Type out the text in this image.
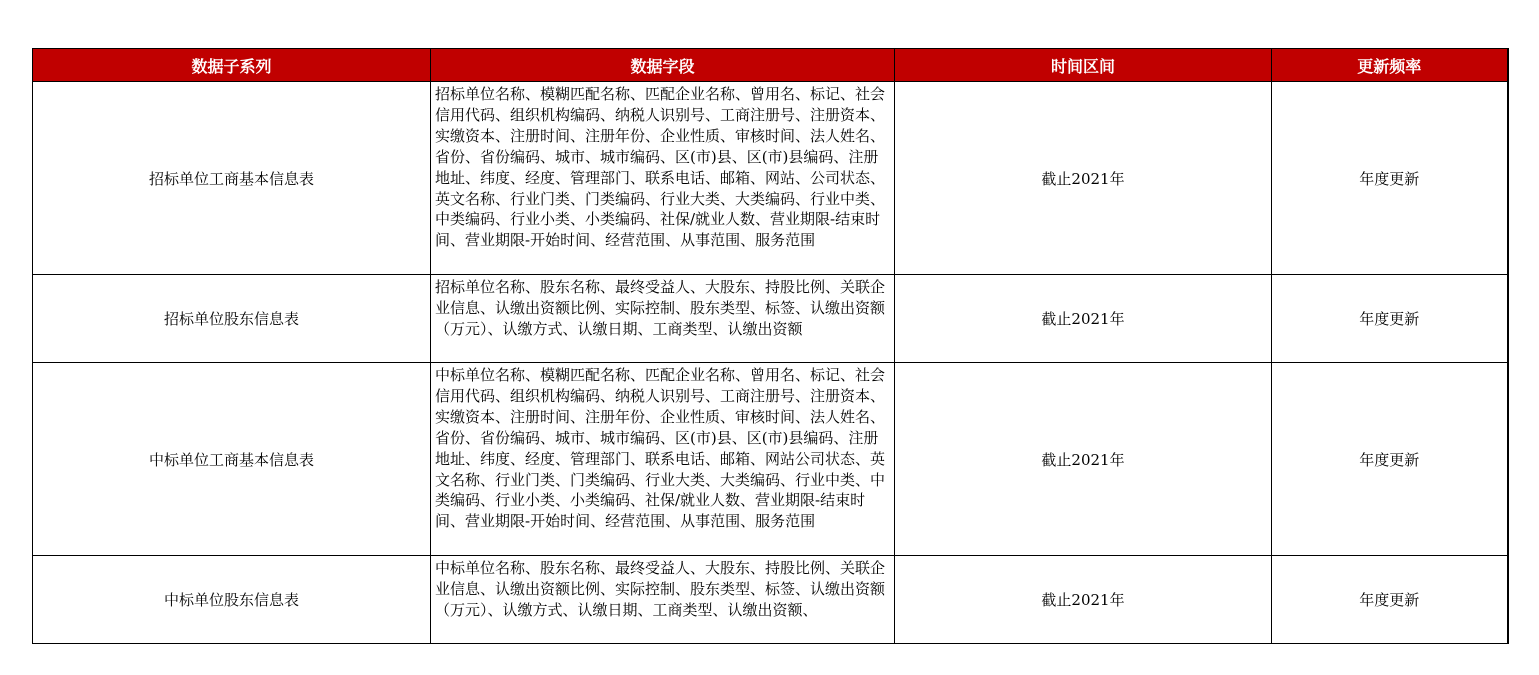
数据子系列	数据字段	时间区间	更新频率
招标单位工商基本信息表	招标单位名称、模糊匹配名称、匹配企业名称、曾用名、标记、社会信用代码、组织机构编码、纳税人识别号、工商注册号、注册资本、实缴资本、注册时间、注册年份、企业性质、审核时间、法人姓名、省份、省份编码、城市、城市编码、区(市)县、区(市)县编码、注册地址、纬度、经度、管理部门、联系电话、邮箱、网站、公司状态、英文名称、行业门类、门类编码、行业大类、大类编码、行业中类、中类编码、行业小类、小类编码、社保/就业人数、营业期限-结束时间、营业期限-开始时间、经营范围、从事范围、服务范围	截止2021年	年度更新
招标单位股东信息表	招标单位名称、股东名称、最终受益人、大股东、持股比例、关联企业信息、认缴出资额比例、实际控制、股东类型、标签、认缴出资额（万元）、认缴方式、认缴日期、工商类型、认缴出资额	截止2021年	年度更新
中标单位工商基本信息表	中标单位名称、模糊匹配名称、匹配企业名称、曾用名、标记、社会信用代码、组织机构编码、纳税人识别号、工商注册号、注册资本、实缴资本、注册时间、注册年份、企业性质、审核时间、法人姓名、省份、省份编码、城市、城市编码、区(市)县、区(市)县编码、注册地址、纬度、经度、管理部门、联系电话、邮箱、网站公司状态、英文名称、行业门类、门类编码、行业大类、大类编码、行业中类、中类编码、行业小类、小类编码、社保/就业人数、营业期限-结束时间、营业期限-开始时间、经营范围、从事范围、服务范围	截止2021年	年度更新
中标单位股东信息表	中标单位名称、股东名称、最终受益人、大股东、持股比例、关联企业信息、认缴出资额比例、实际控制、股东类型、标签、认缴出资额（万元）、认缴方式、认缴日期、工商类型、认缴出资额、	截止2021年	年度更新
